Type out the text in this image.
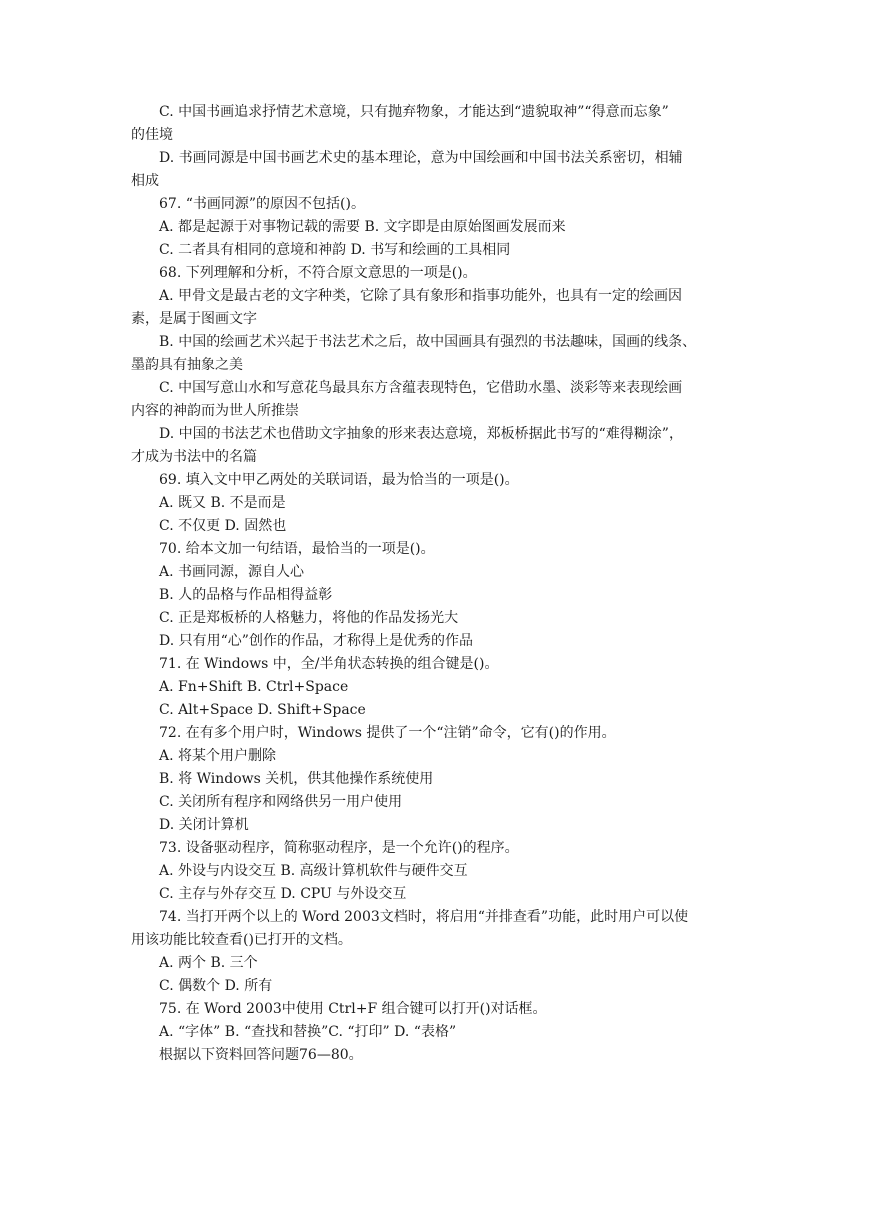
C. 中国书画追求抒情艺术意境，只有抛弃物象，才能达到“遗貌取神”“得意而忘象”
的佳境
D. 书画同源是中国书画艺术史的基本理论，意为中国绘画和中国书法关系密切，相辅
相成
67. “书画同源”的原因不包括()。
A. 都是起源于对事物记载的需要 B. 文字即是由原始图画发展而来
C. 二者具有相同的意境和神韵 D. 书写和绘画的工具相同
68. 下列理解和分析，不符合原文意思的一项是()。
A. 甲骨文是最古老的文字种类，它除了具有象形和指事功能外，也具有一定的绘画因
素，是属于图画文字
B. 中国的绘画艺术兴起于书法艺术之后，故中国画具有强烈的书法趣味，国画的线条、
墨韵具有抽象之美
C. 中国写意山水和写意花鸟最具东方含蕴表现特色，它借助水墨、淡彩等来表现绘画
内容的神韵而为世人所推崇
D. 中国的书法艺术也借助文字抽象的形来表达意境，郑板桥据此书写的“难得糊涂”，
才成为书法中的名篇
69. 填入文中甲乙两处的关联词语，最为恰当的一项是()。
A. 既又 B. 不是而是
C. 不仅更 D. 固然也
70. 给本文加一句结语，最恰当的一项是()。
A. 书画同源，源自人心
B. 人的品格与作品相得益彰
C. 正是郑板桥的人格魅力，将他的作品发扬光大
D. 只有用“心”创作的作品，才称得上是优秀的作品
71. 在 Windows 中，全/半角状态转换的组合键是()。
A. Fn+Shift B. Ctrl+Space
C. Alt+Space D. Shift+Space
72. 在有多个用户时，Windows 提供了一个“注销”命令，它有()的作用。
A. 将某个用户删除
B. 将 Windows 关机，供其他操作系统使用
C. 关闭所有程序和网络供另一用户使用
D. 关闭计算机
73. 设备驱动程序，简称驱动程序，是一个允许()的程序。
A. 外设与内设交互 B. 高级计算机软件与硬件交互
C. 主存与外存交互 D. CPU 与外设交互
74. 当打开两个以上的 Word 2003文档时，将启用“并排查看”功能，此时用户可以使
用该功能比较查看()已打开的文档。
A. 两个 B. 三个
C. 偶数个 D. 所有
75. 在 Word 2003中使用 Ctrl+F 组合键可以打开()对话框。
A. “字体” B. “查找和替换”C. “打印” D. “表格”
根据以下资料回答问题76—80。
